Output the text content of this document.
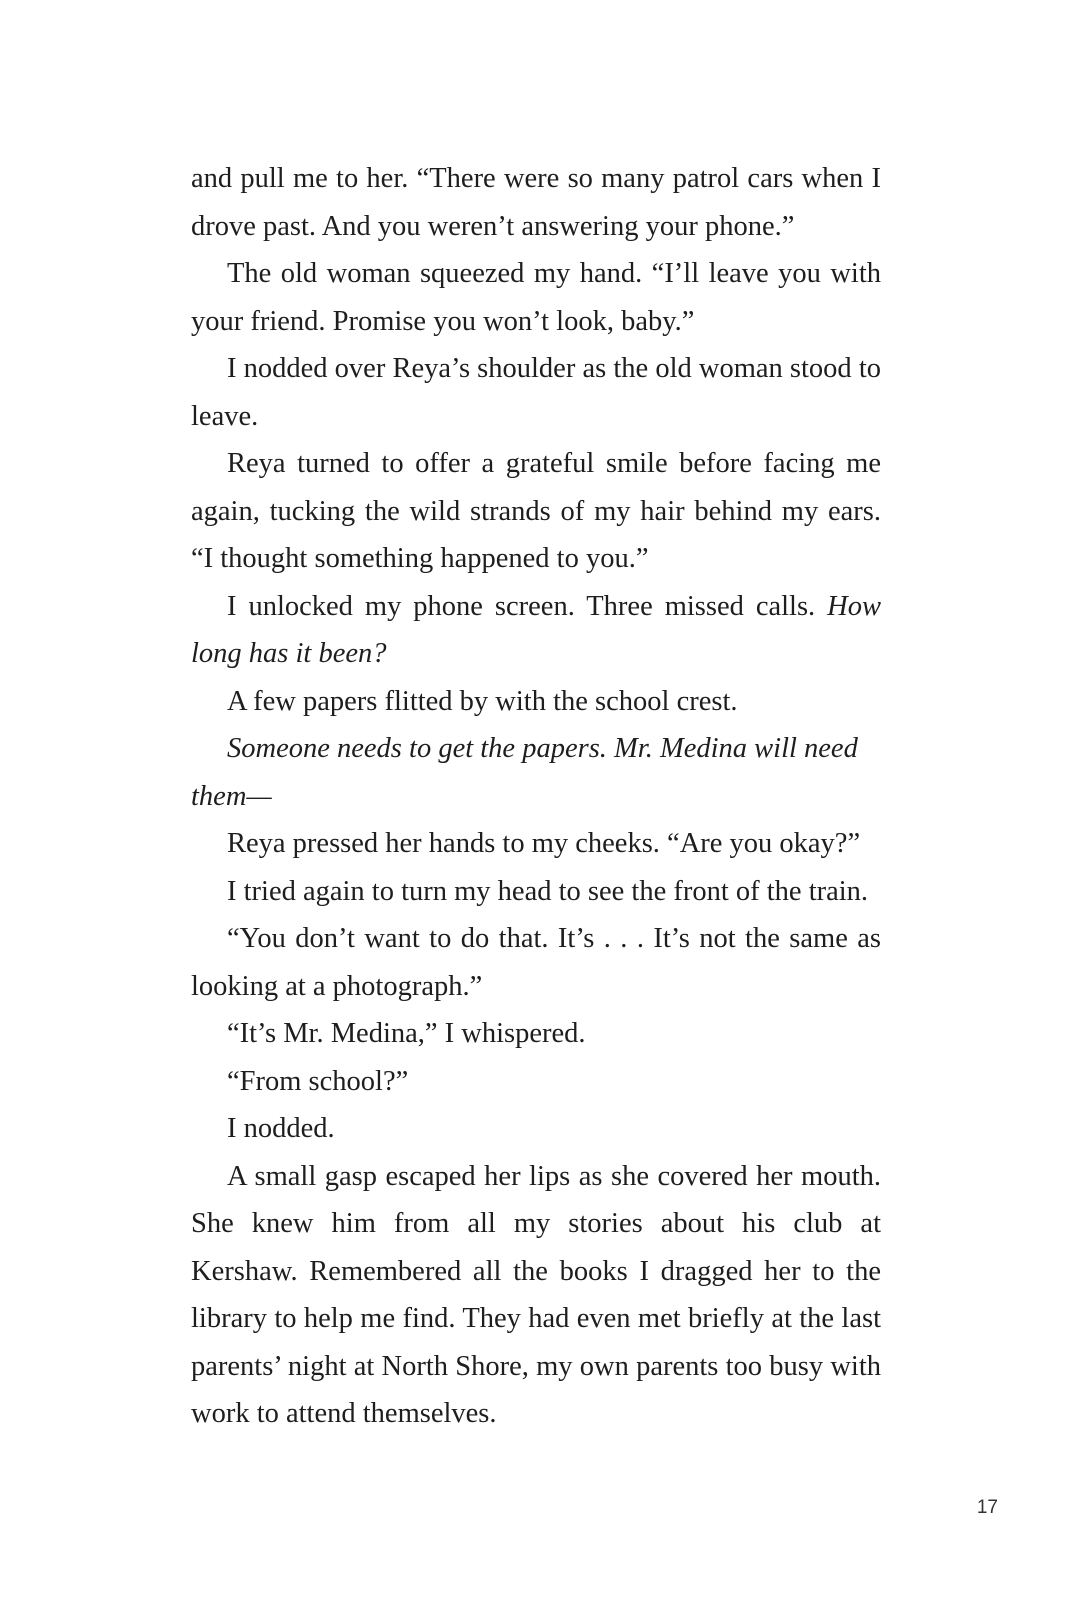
and pull me to her. “There were so many patrol cars when I drove past. And you weren’t answering your phone.”

The old woman squeezed my hand. “I’ll leave you with your friend. Promise you won’t look, baby.”

I nodded over Reya’s shoulder as the old woman stood to leave.

Reya turned to offer a grateful smile before facing me again, tucking the wild strands of my hair behind my ears. “I thought something happened to you.”

I unlocked my phone screen. Three missed calls. How long has it been?

A few papers flitted by with the school crest.

Someone needs to get the papers. Mr. Medina will need them—

Reya pressed her hands to my cheeks. “Are you okay?”

I tried again to turn my head to see the front of the train.

“You don’t want to do that. It’s . . . It’s not the same as looking at a photograph.”

“It’s Mr. Medina,” I whispered.

“From school?”

I nodded.

A small gasp escaped her lips as she covered her mouth. She knew him from all my stories about his club at Kershaw. Remembered all the books I dragged her to the library to help me find. They had even met briefly at the last parents’ night at North Shore, my own parents too busy with work to attend themselves.

17
